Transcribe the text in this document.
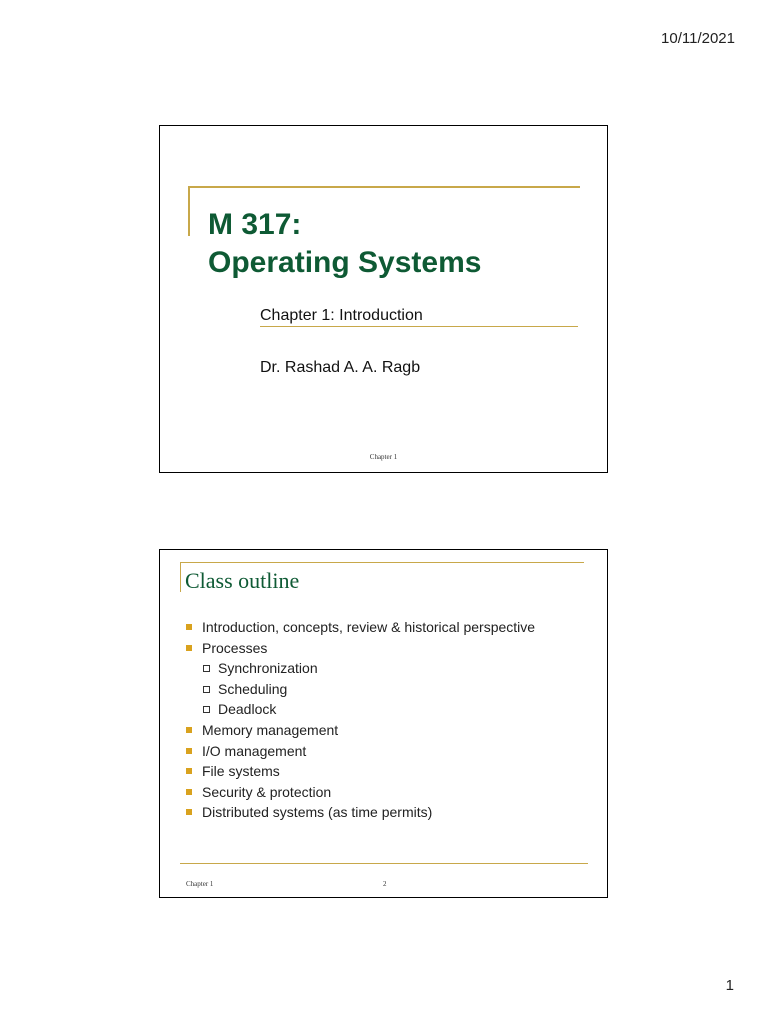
10/11/2021
M 317:
Operating Systems
Chapter 1: Introduction
Dr. Rashad A. A. Ragb
Chapter 1
Class outline
Introduction, concepts, review & historical perspective
Processes
Synchronization
Scheduling
Deadlock
Memory management
I/O management
File systems
Security & protection
Distributed systems (as time permits)
Chapter 1	2
1
